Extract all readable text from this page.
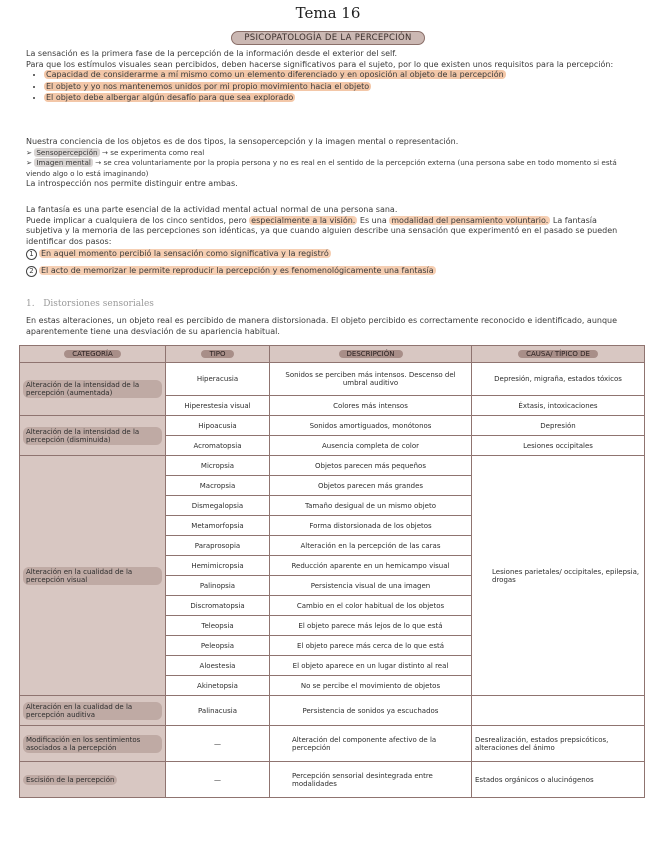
Tema 16
PSICOPATOLOGÍA DE LA PERCEPCIÓN

La sensación es la primera fase de la percepción de la información desde el exterior del self.

Para que los estímulos visuales sean percibidos, deben hacerse significativos para el sujeto, por lo que existen unos requisitos para la percepción:

• Capacidad de considerarme a mí mismo como un elemento diferenciado y en oposición al objeto de la percepción
• El objeto y yo nos mantenemos unidos por mi propio movimiento hacia el objeto
• El objeto debe albergar algún desafío para que sea explorado

Nuestra conciencia de los objetos es de dos tipos, la sensopercepción y la imagen mental o representación.

➢ Sensopercepción → se experimenta como real

➢ Imagen mental → se crea voluntariamente por la propia persona y no es real en el sentido de la percepción externa (una persona sabe en todo momento si está viendo algo o lo está imaginando)

La introspección nos permite distinguir entre ambas.

La fantasía es una parte esencial de la actividad mental actual normal de una persona sana.

Puede implicar a cualquiera de los cinco sentidos, pero especialmente a la visión. Es una modalidad del pensamiento voluntario. La fantasía subjetiva y la memoria de las percepciones son idénticas, ya que cuando alguien describe una sensación que experimentó en el pasado se pueden identificar dos pasos:

1 En aquel momento percibió la sensación como significativa y la registró

2 El acto de memorizar le permite reproducir la percepción y es fenomenológicamente una fantasía

1. Distorsiones sensoriales
En estas alteraciones, un objeto real es percibido de manera distorsionada. El objeto percibido es correctamente reconocido e identificado, aunque aparentemente tiene una desviación de su apariencia habitual.
CATEGORÍA	TIPO	DESCRIPCIÓN	CAUSA/ TÍPICO DE
Alteración de la intensidad de la percepción (aumentada)	Hiperacusia	Sonidos se perciben más intensos. Descenso del umbral auditivo	Depresión, migraña, estados tóxicos
	Hiperestesia visual	Colores más intensos	Éxtasis, intoxicaciones
Alteración de la intensidad de la percepción (disminuida)	Hipoacusia	Sonidos amortiguados, monótonos	Depresión
	Acromatopsia	Ausencia completa de color	Lesiones occipitales
Alteración en la cualidad de la percepción visual	Micropsia	Objetos parecen más pequeños	Lesiones parietales/ occipitales, epilepsia, drogas
	Macropsia	Objetos parecen más grandes	
	Dismegalopsia	Tamaño desigual de un mismo objeto	
	Metamorfopsia	Forma distorsionada de los objetos	
	Paraprosopia	Alteración en la percepción de las caras	
	Hemimicropsia	Reducción aparente en un hemicampo visual	
	Palinopsia	Persistencia visual de una imagen	
	Discromatopsia	Cambio en el color habitual de los objetos	
	Teleopsia	El objeto parece más lejos de lo que está	
	Peleopsia	El objeto parece más cerca de lo que está	
	Aloestesia	El objeto aparece en un lugar distinto al real	
	Akinetopsia	No se percibe el movimiento de objetos	
Alteración en la cualidad de la percepción auditiva	Palinacusia	Persistencia de sonidos ya escuchados	
Modificación en los sentimientos asociados a la percepción	—	Alteración del componente afectivo de la percepción	Desrealización, estados prepsicóticos, alteraciones del ánimo
Escisión de la percepción	—	Percepción sensorial desintegrada entre modalidades	Estados orgánicos o alucinógenos
